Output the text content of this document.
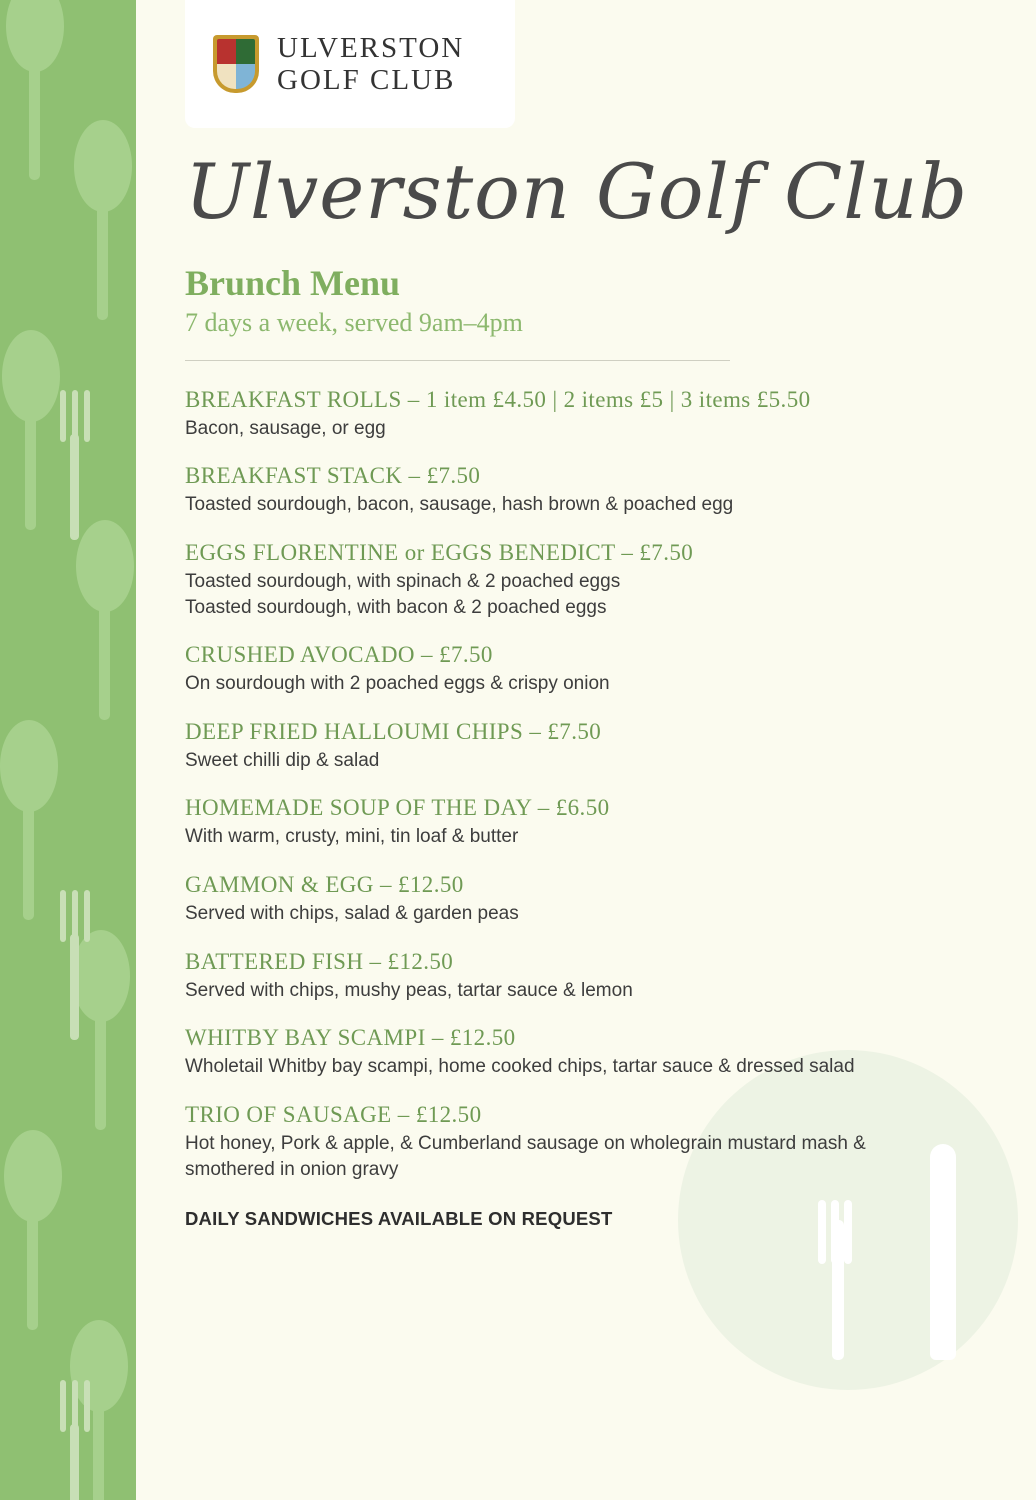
ULVERSTON
GOLF CLUB
Ulverston Golf Club
Brunch Menu
7 days a week, served 9am–4pm
BREAKFAST ROLLS – 1 item £4.50 | 2 items £5 | 3 items £5.50

Bacon, sausage, or egg

BREAKFAST STACK – £7.50

Toasted sourdough, bacon, sausage, hash brown & poached egg

EGGS FLORENTINE or EGGS BENEDICT – £7.50

Toasted sourdough, with spinach & 2 poached eggs

Toasted sourdough, with bacon & 2 poached eggs

CRUSHED AVOCADO – £7.50

On sourdough with 2 poached eggs & crispy onion

DEEP FRIED HALLOUMI CHIPS – £7.50

Sweet chilli dip & salad

HOMEMADE SOUP OF THE DAY – £6.50

With warm, crusty, mini, tin loaf & butter

GAMMON & EGG – £12.50

Served with chips, salad & garden peas

BATTERED FISH – £12.50

Served with chips, mushy peas, tartar sauce & lemon

WHITBY BAY SCAMPI – £12.50

Wholetail Whitby bay scampi, home cooked chips, tartar sauce & dressed salad

TRIO OF SAUSAGE – £12.50

Hot honey, Pork & apple, & Cumberland sausage on wholegrain mustard mash & smothered in onion gravy

DAILY SANDWICHES AVAILABLE ON REQUEST
